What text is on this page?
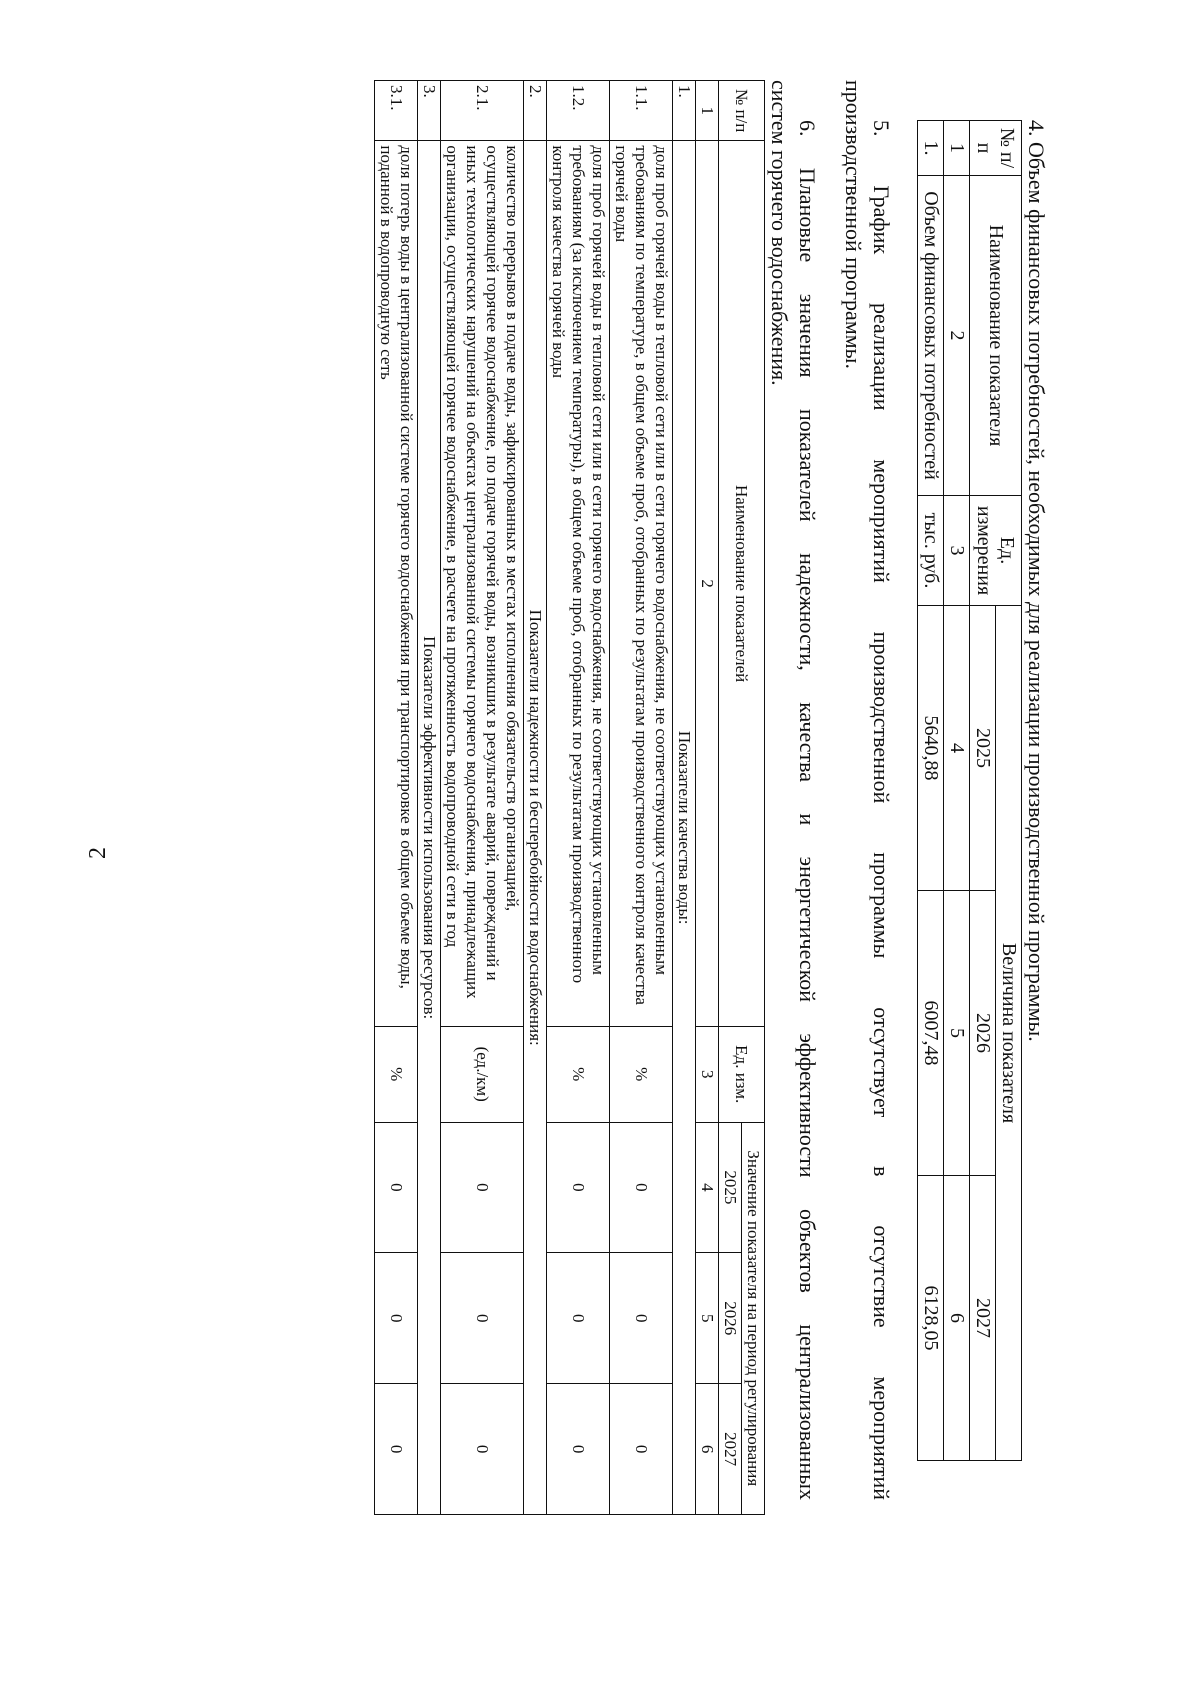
2	4. Объем финансовых потребностей, необходимых для реализации производственной программы.
№ п/п	Наименование показателя	Ед. измерения	Величина показателя		
			2025	2026	2027
1	2	3	4	5	6
1.	Объем финансовых потребностей	тыс. руб.	5640,88	6007,48	6128,05
5. График реализации мероприятий производственной программы отсутствует в отсутствие мероприятий
производственной программы.
6. Плановые значения показателей надежности, качества и энергетической эффективности объектов централизованных
систем горячего водоснабжения.
№ п/п	Наименование показателей	Ед. изм.	Значение показателя на период регулирования		
			2025	2026	2027
1	2	3	4	5	6
1.	Показатели качества воды:				
1.1.	доля проб горячей воды в тепловой сети или в сети горячего водоснабжения, не соответствующих установленным требованиям по температуре, в общем объеме проб, отобранных по результатам производственного контроля качества горячей воды	%	0	0	0
1.2.	доля проб горячей воды в тепловой сети или в сети горячего водоснабжения, не соответствующих установленным требованиям (за исключением температуры), в общем объеме проб, отобранных по результатам производственного контроля качества горячей воды	%	0	0	0
2.	Показатели надежности и бесперебойности водоснабжения:				
2.1.	количество перерывов в подаче воды, зафиксированных в местах исполнения обязательств организацией, осуществляющей горячее водоснабжение, по подаче горячей воды, возникших в результате аварий, повреждений и иных технологических нарушений на объектах централизованной системы горячего водоснабжения, принадлежащих организации, осуществляющей горячее водоснабжение, в расчете на протяженность водопроводной сети в год	(ед./км)	0	0	0
3.	Показатели эффективности использования ресурсов:				
3.1.	доля потерь воды в централизованной системе горячего водоснабжения при транспортировке в общем объеме воды, поданной в водопроводную сеть	%	0	0	0
